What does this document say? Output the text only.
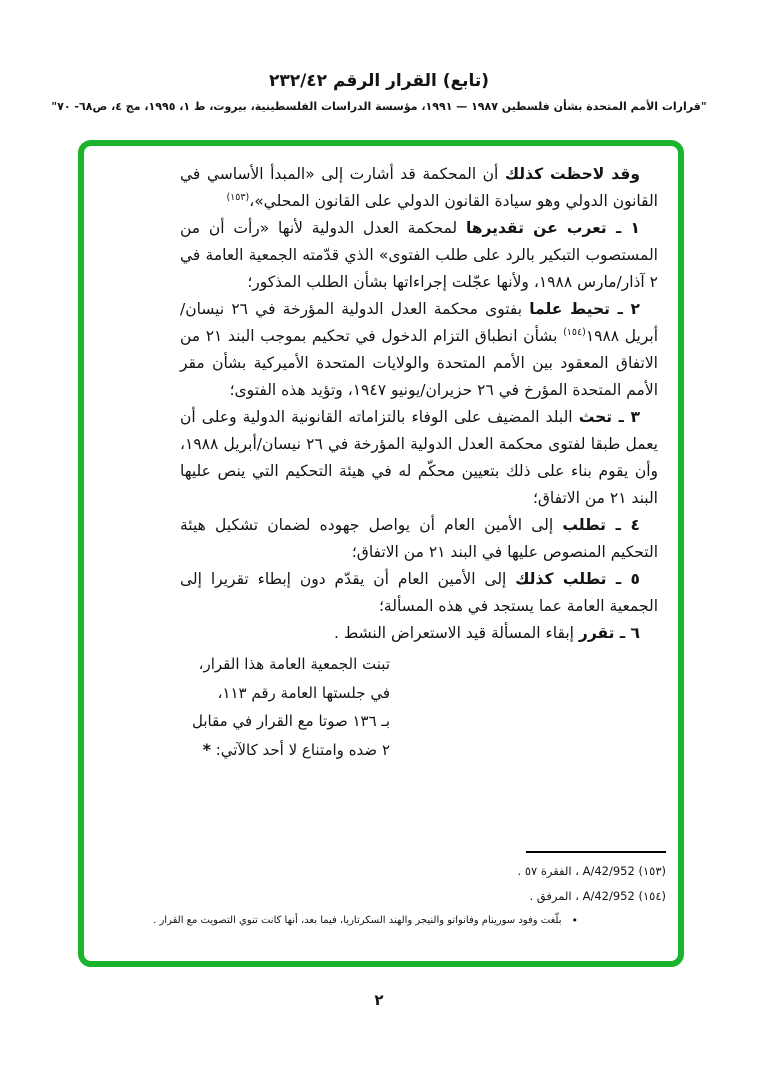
(تابع) القرار الرقم ٢٣٢/٤٢
"قرارات الأمم المتحدة بشأن فلسطين ١٩٨٧ — ١٩٩١، مؤسسة الدراسات الفلسطينية، بيروت، ط ١، ١٩٩٥، مج ٤، ص٦٨- ٧٠"

وقد لاحظت كذلك أن المحكمة قد أشارت إلى «المبدأ الأساسي في القانون الدولي وهو سيادة القانون الدولي على القانون المحلي»،$^{(١٥٣)}$

١ ـ تعرب عن تقديرها لمحكمة العدل الدولية لأنها «رأت أن من المستصوب التبكير بالرد على طلب الفتوى» الذي قدّمته الجمعية العامة في ٢ آذار/مارس ١٩٨٨، ولأنها عجّلت إجراءاتها بشأن الطلب المذكور؛

٢ ـ تحيط علما بفتوى محكمة العدل الدولية المؤرخة في ٢٦ نيسان/أبريل ١٩٨٨$^{(١٥٤)}$ بشأن انطباق التزام الدخول في تحكيم بموجب البند ٢١ من الاتفاق المعقود بين الأمم المتحدة والولايات المتحدة الأميركية بشأن مقر الأمم المتحدة المؤرخ في ٢٦ حزيران/يونيو ١٩٤٧، وتؤيد هذه الفتوى؛

٣ ـ تحث البلد المضيف على الوفاء بالتزاماته القانونية الدولية وعلى أن يعمل طبقا لفتوى محكمة العدل الدولية المؤرخة في ٢٦ نيسان/أبريل ١٩٨٨، وأن يقوم بناء على ذلك بتعيين محكّم له في هيئة التحكيم التي ينص عليها البند ٢١ من الاتفاق؛

٤ ـ تطلب إلى الأمين العام أن يواصل جهوده لضمان تشكيل هيئة التحكيم المنصوص عليها في البند ٢١ من الاتفاق؛

٥ ـ تطلب كذلك إلى الأمين العام أن يقدّم دون إبطاء تقريرا إلى الجمعية العامة عما يستجد في هذه المسألة؛

٦ ـ تقرر إبقاء المسألة قيد الاستعراض النشط .

تبنت الجمعية العامة هذا القرار،
في جلستها العامة رقم ١١٣،
بـ ١٣٦ صوتا مع القرار في مقابل
٢ ضده وامتناع لا أحد كالآتي: *
(١٥٣) A/42/952 ، الفقرة ٥٧ .
(١٥٤) A/42/952 ، المرفق .
•
بلّغت وفود سورينام وفانواتو والنيجر والهند السكرتاريا، فيما بعد، أنها كانت تنوي التصويت مع القرار .
٢
